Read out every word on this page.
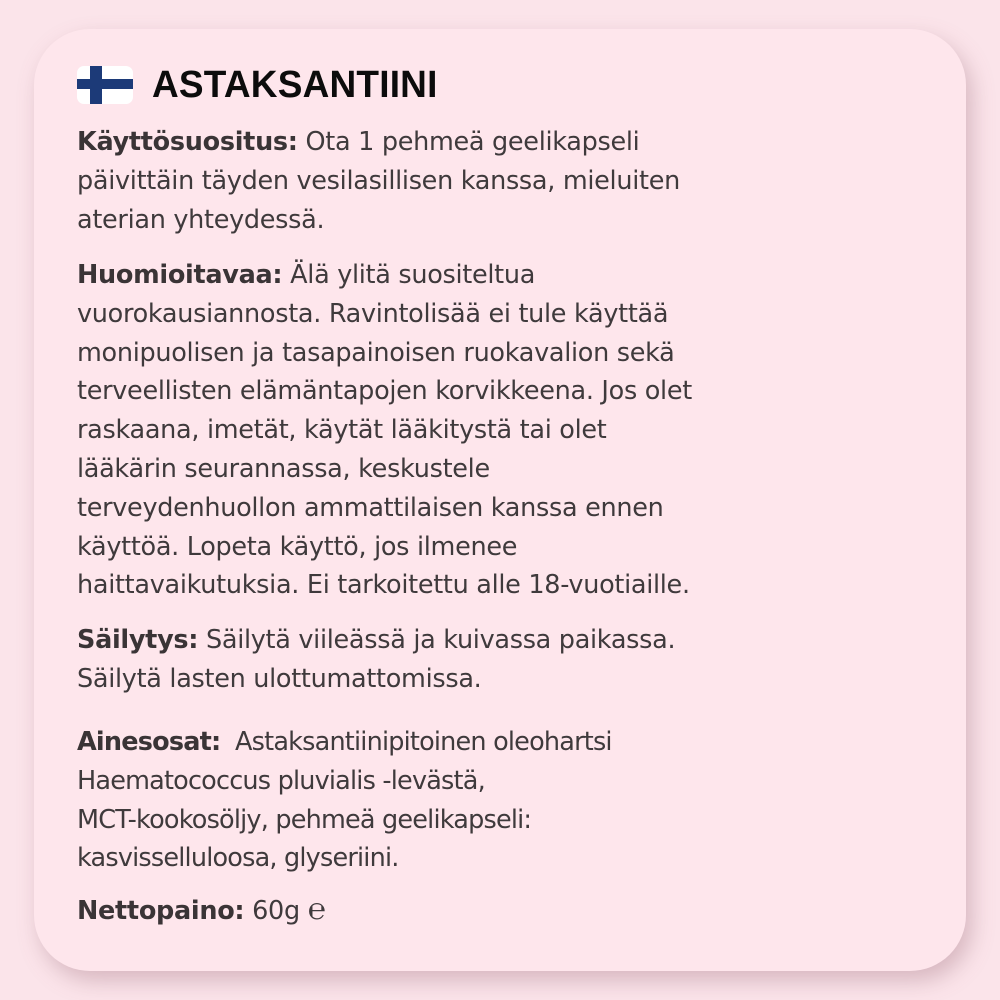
ASTAKSANTIINI
Käyttösuositus: Ota 1 pehmeä geelikapseli
päivittäin täyden vesilasillisen kanssa, mieluiten
aterian yhteydessä.
Huomioitavaa: Älä ylitä suositeltua
vuorokausiannosta. Ravintolisää ei tule käyttää
monipuolisen ja tasapainoisen ruokavalion sekä
terveellisten elämäntapojen korvikkeena. Jos olet
raskaana, imetät, käytät lääkitystä tai olet
lääkärin seurannassa, keskustele
terveydenhuollon ammattilaisen kanssa ennen
käyttöä. Lopeta käyttö, jos ilmenee
haittavaikutuksia. Ei tarkoitettu alle 18-vuotiaille.
Säilytys: Säilytä viileässä ja kuivassa paikassa.
Säilytä lasten ulottumattomissa.
Ainesosat:  Astaksantiinipitoinen oleohartsi
Haematococcus pluvialis -levästä,
MCT-kookosöljy, pehmeä geelikapseli:
kasvisselluloosa, glyseriini.
Nettopaino: 60g ℮
